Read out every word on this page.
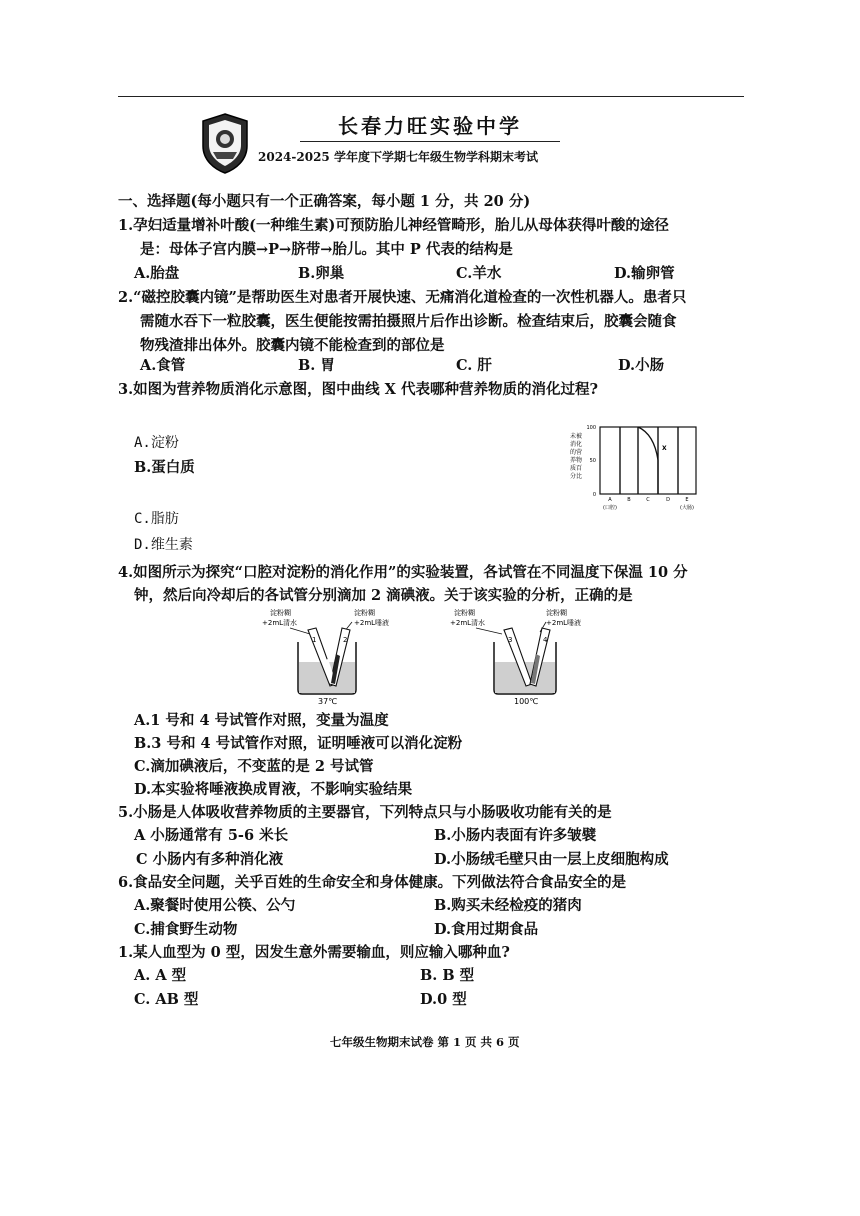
长春力旺实验中学
2024-2025 学年度下学期七年级生物学科期末考试
一、选择题(每小题只有一个正确答案，每小题 1 分，共 20 分)
1.孕妇适量增补叶酸(一种维生素)可预防胎儿神经管畸形，胎儿从母体获得叶酸的途径
是：母体子宫内膜→P→脐带→胎儿。其中 P 代表的结构是
A.胎盘	B.卵巢	C.羊水	D.输卵管
2.“磁控胶囊内镜”是帮助医生对患者开展快速、无痛消化道检查的一次性机器人。患者只
需随水吞下一粒胶囊，医生便能按需拍摄照片后作出诊断。检查结束后，胶囊会随食
物残渣排出体外。胶囊内镜不能检查到的部位是
A.食管	B. 胃	C. 肝	D.小肠
3.如图为营养物质消化示意图，图中曲线 X 代表哪种营养物质的消化过程?
A.淀粉
B.蛋白质
C.脂肪
D.维生素
100
50
0
未被消化的营养物质百分比
X
A	B	C	D	E
(口腔)	(大肠)
4.如图所示为探究“口腔对淀粉的消化作用”的实验装置，各试管在不同温度下保温 10 分
钟，然后向冷却后的各试管分别滴加 2 滴碘液。关于该实验的分析，正确的是
淀粉糊
+2mL清水
淀粉糊
+2mL唾液
1	2
37℃
淀粉糊
+2mL清水
淀粉糊
+2mL唾液
3	4
100℃
A.1 号和 4 号试管作对照，变量为温度
B.3 号和 4 号试管作对照，证明唾液可以消化淀粉
C.滴加碘液后，不变蓝的是 2 号试管
D.本实验将唾液换成胃液，不影响实验结果
5.小肠是人体吸收营养物质的主要器官，下列特点只与小肠吸收功能有关的是
A 小肠通常有 5-6 米长	B.小肠内表面有许多皱襞
C 小肠内有多种消化液	D.小肠绒毛壁只由一层上皮细胞构成
6.食品安全问题，关乎百姓的生命安全和身体健康。下列做法符合食品安全的是
A.聚餐时使用公筷、公勺	B.购买未经检疫的猪肉
C.捕食野生动物	D.食用过期食品
1.某人血型为 0 型，因发生意外需要输血，则应输入哪种血?
A. A 型	B. B 型
C. AB 型	D.0 型
七年级生物期末试卷 第 1 页 共 6 页
